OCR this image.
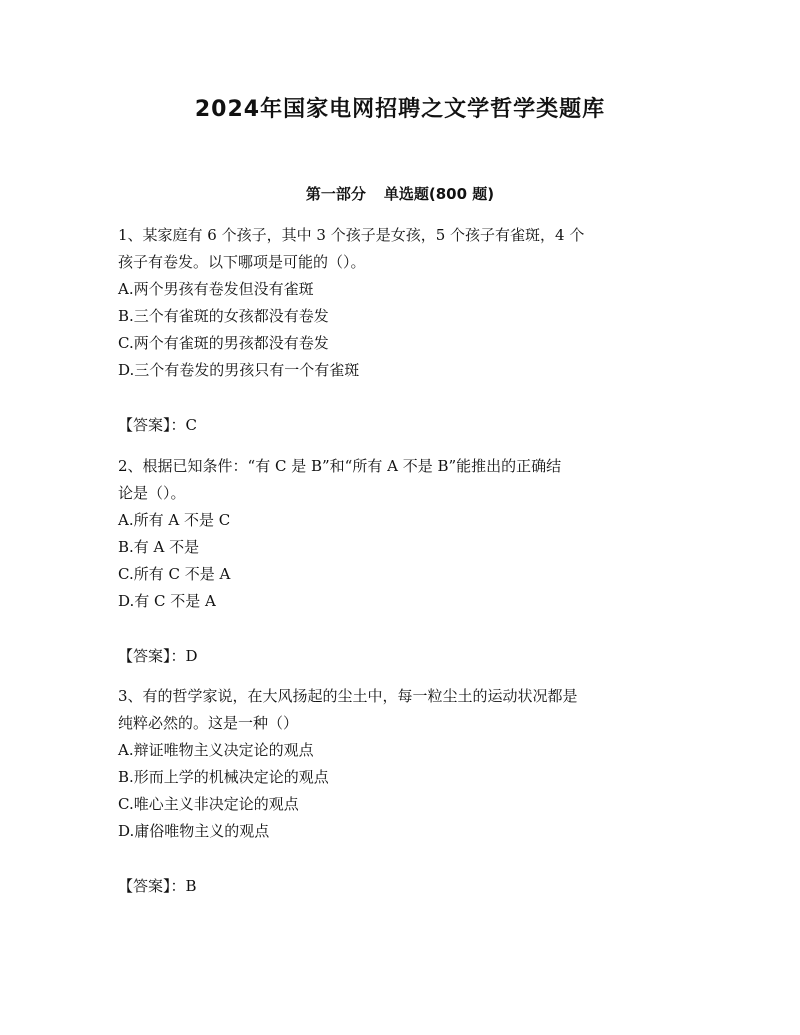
2024年国家电网招聘之文学哲学类题库
第一部分 单选题(800 题)

1、某家庭有 6 个孩子，其中 3 个孩子是女孩，5 个孩子有雀斑，4 个

孩子有卷发。以下哪项是可能的（）。

A.两个男孩有卷发但没有雀斑

B.三个有雀斑的女孩都没有卷发

C.两个有雀斑的男孩都没有卷发

D.三个有卷发的男孩只有一个有雀斑

【答案】：C

2、根据已知条件：“有 C 是 B”和“所有 A 不是 B”能推出的正确结

论是（）。

A.所有 A 不是 C

B.有 A 不是

C.所有 C 不是 A

D.有 C 不是 A

【答案】：D

3、有的哲学家说，在大风扬起的尘土中，每一粒尘土的运动状况都是

纯粹必然的。这是一种（）

A.辩证唯物主义决定论的观点

B.形而上学的机械决定论的观点

C.唯心主义非决定论的观点

D.庸俗唯物主义的观点

【答案】：B
